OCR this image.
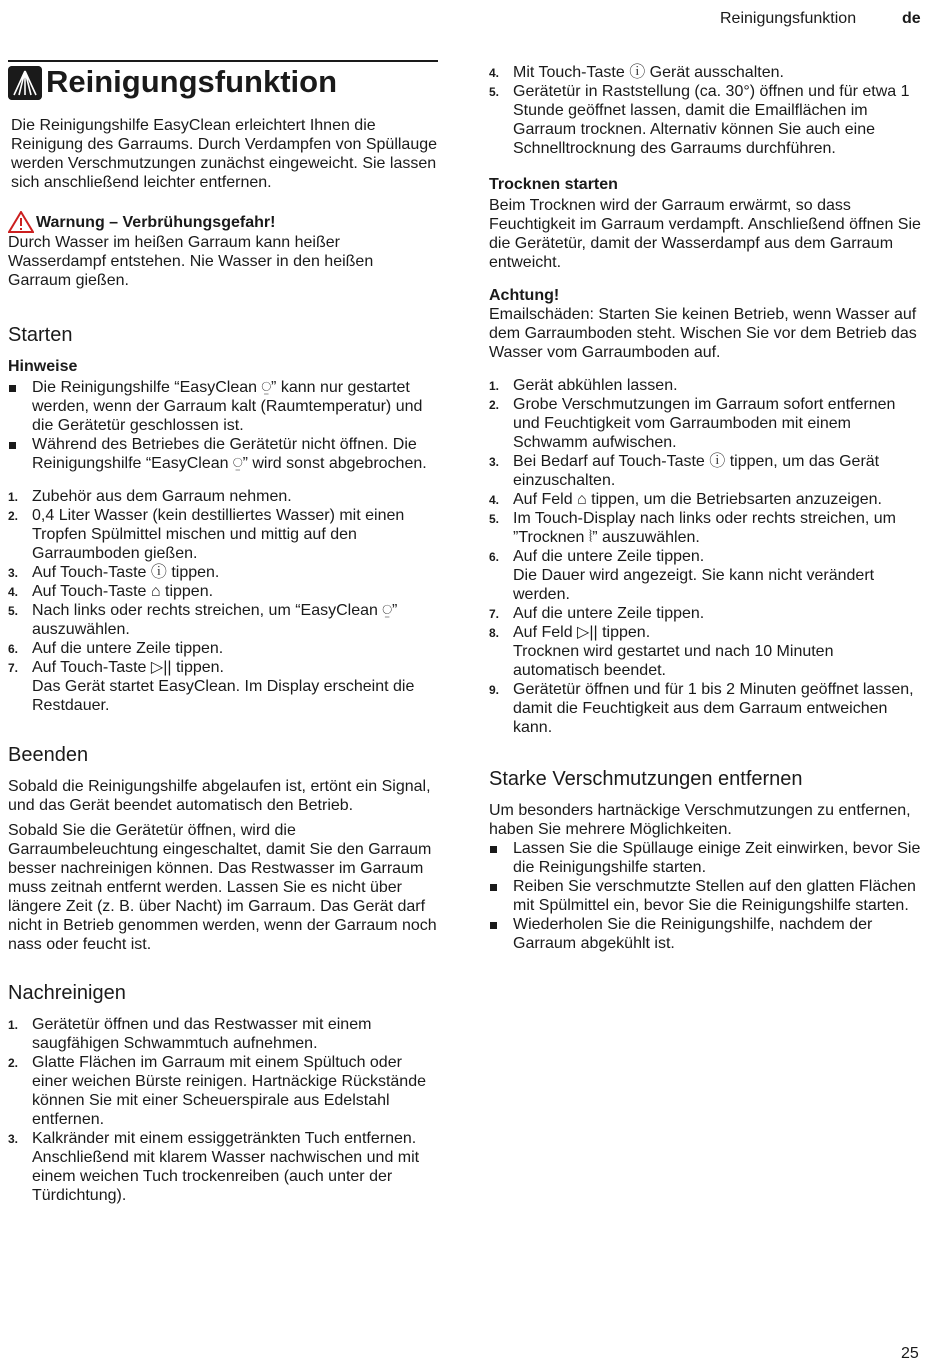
Reinigungsfunktion	de
Reinigungsfunktion

Die Reinigungshilfe EasyClean erleichtert Ihnen die Reinigung des Garraums. Durch Verdampfen von Spüllauge werden Verschmutzungen zunächst eingeweicht. Sie lassen sich anschließend leichter entfernen.

Warnung – Verbrühungsgefahr!

Durch Wasser im heißen Garraum kann heißer Wasserdampf entstehen. Nie Wasser in den heißen Garraum gießen.

Starten
Hinweise
Die Reinigungshilfe “EasyClean ⍜” kann nur gestartet werden, wenn der Garraum kalt (Raumtemperatur) und die Gerätetür geschlossen ist.
Während des Betriebes die Gerätetür nicht öffnen. Die Reinigungshilfe “EasyClean ⍜” wird sonst abgebrochen.
1. Zubehör aus dem Garraum nehmen.
2. 0,4 Liter Wasser (kein destilliertes Wasser) mit einen Tropfen Spülmittel mischen und mittig auf den Garraumboden gießen.
3. Auf Touch-Taste ⓘ tippen.
4. Auf Touch-Taste ⌂ tippen.
5. Nach links oder rechts streichen, um “EasyClean ⍜” auszuwählen.
6. Auf die untere Zeile tippen.
7. Auf Touch-Taste ▷|| tippen.
Das Gerät startet EasyClean. Im Display erscheint die Restdauer.
Beenden

Sobald die Reinigungshilfe abgelaufen ist, ertönt ein Signal, und das Gerät beendet automatisch den Betrieb.

Sobald Sie die Gerätetür öffnen, wird die Garraumbeleuchtung eingeschaltet, damit Sie den Garraum besser nachreinigen können. Das Restwasser im Garraum muss zeitnah entfernt werden. Lassen Sie es nicht über längere Zeit (z. B. über Nacht) im Garraum. Das Gerät darf nicht in Betrieb genommen werden, wenn der Garraum noch nass oder feucht ist.

Nachreinigen
1. Gerätetür öffnen und das Restwasser mit einem saugfähigen Schwammtuch aufnehmen.
2. Glatte Flächen im Garraum mit einem Spültuch oder einer weichen Bürste reinigen. Hartnäckige Rückstände können Sie mit einer Scheuerspirale aus Edelstahl entfernen.
3. Kalkränder mit einem essiggetränkten Tuch entfernen. Anschließend mit klarem Wasser nachwischen und mit einem weichen Tuch trockenreiben (auch unter der Türdichtung).
4. Mit Touch-Taste ⓘ Gerät ausschalten.
5. Gerätetür in Raststellung (ca. 30°) öffnen und für etwa 1 Stunde geöffnet lassen, damit die Emailflächen im Garraum trocknen. Alternativ können Sie auch eine Schnelltrocknung des Garraums durchführen.
Trocknen starten

Beim Trocknen wird der Garraum erwärmt, so dass Feuchtigkeit im Garraum verdampft. Anschließend öffnen Sie die Gerätetür, damit der Wasserdampf aus dem Garraum entweicht.

Achtung!

Emailschäden: Starten Sie keinen Betrieb, wenn Wasser auf dem Garraumboden steht. Wischen Sie vor dem Betrieb das Wasser vom Garraumboden auf.

1. Gerät abkühlen lassen.
2. Grobe Verschmutzungen im Garraum sofort entfernen und Feuchtigkeit vom Garraumboden mit einem Schwamm aufwischen.
3. Bei Bedarf auf Touch-Taste ⓘ tippen, um das Gerät einzuschalten.
4. Auf Feld ⌂ tippen, um die Betriebsarten anzuzeigen.
5. Im Touch-Display nach links oder rechts streichen, um ”Trocknen ⦚” auszuwählen.
6. Auf die untere Zeile tippen.
Die Dauer wird angezeigt. Sie kann nicht verändert werden.
7. Auf die untere Zeile tippen.
8. Auf Feld ▷|| tippen.
Trocknen wird gestartet und nach 10 Minuten automatisch beendet.
9. Gerätetür öffnen und für 1 bis 2 Minuten geöffnet lassen, damit die Feuchtigkeit aus dem Garraum entweichen kann.
Starke Verschmutzungen entfernen

Um besonders hartnäckige Verschmutzungen zu entfernen, haben Sie mehrere Möglichkeiten.

Lassen Sie die Spüllauge einige Zeit einwirken, bevor Sie die Reinigungshilfe starten.
Reiben Sie verschmutzte Stellen auf den glatten Flächen mit Spülmittel ein, bevor Sie die Reinigungshilfe starten.
Wiederholen Sie die Reinigungshilfe, nachdem der Garraum abgekühlt ist.
25
